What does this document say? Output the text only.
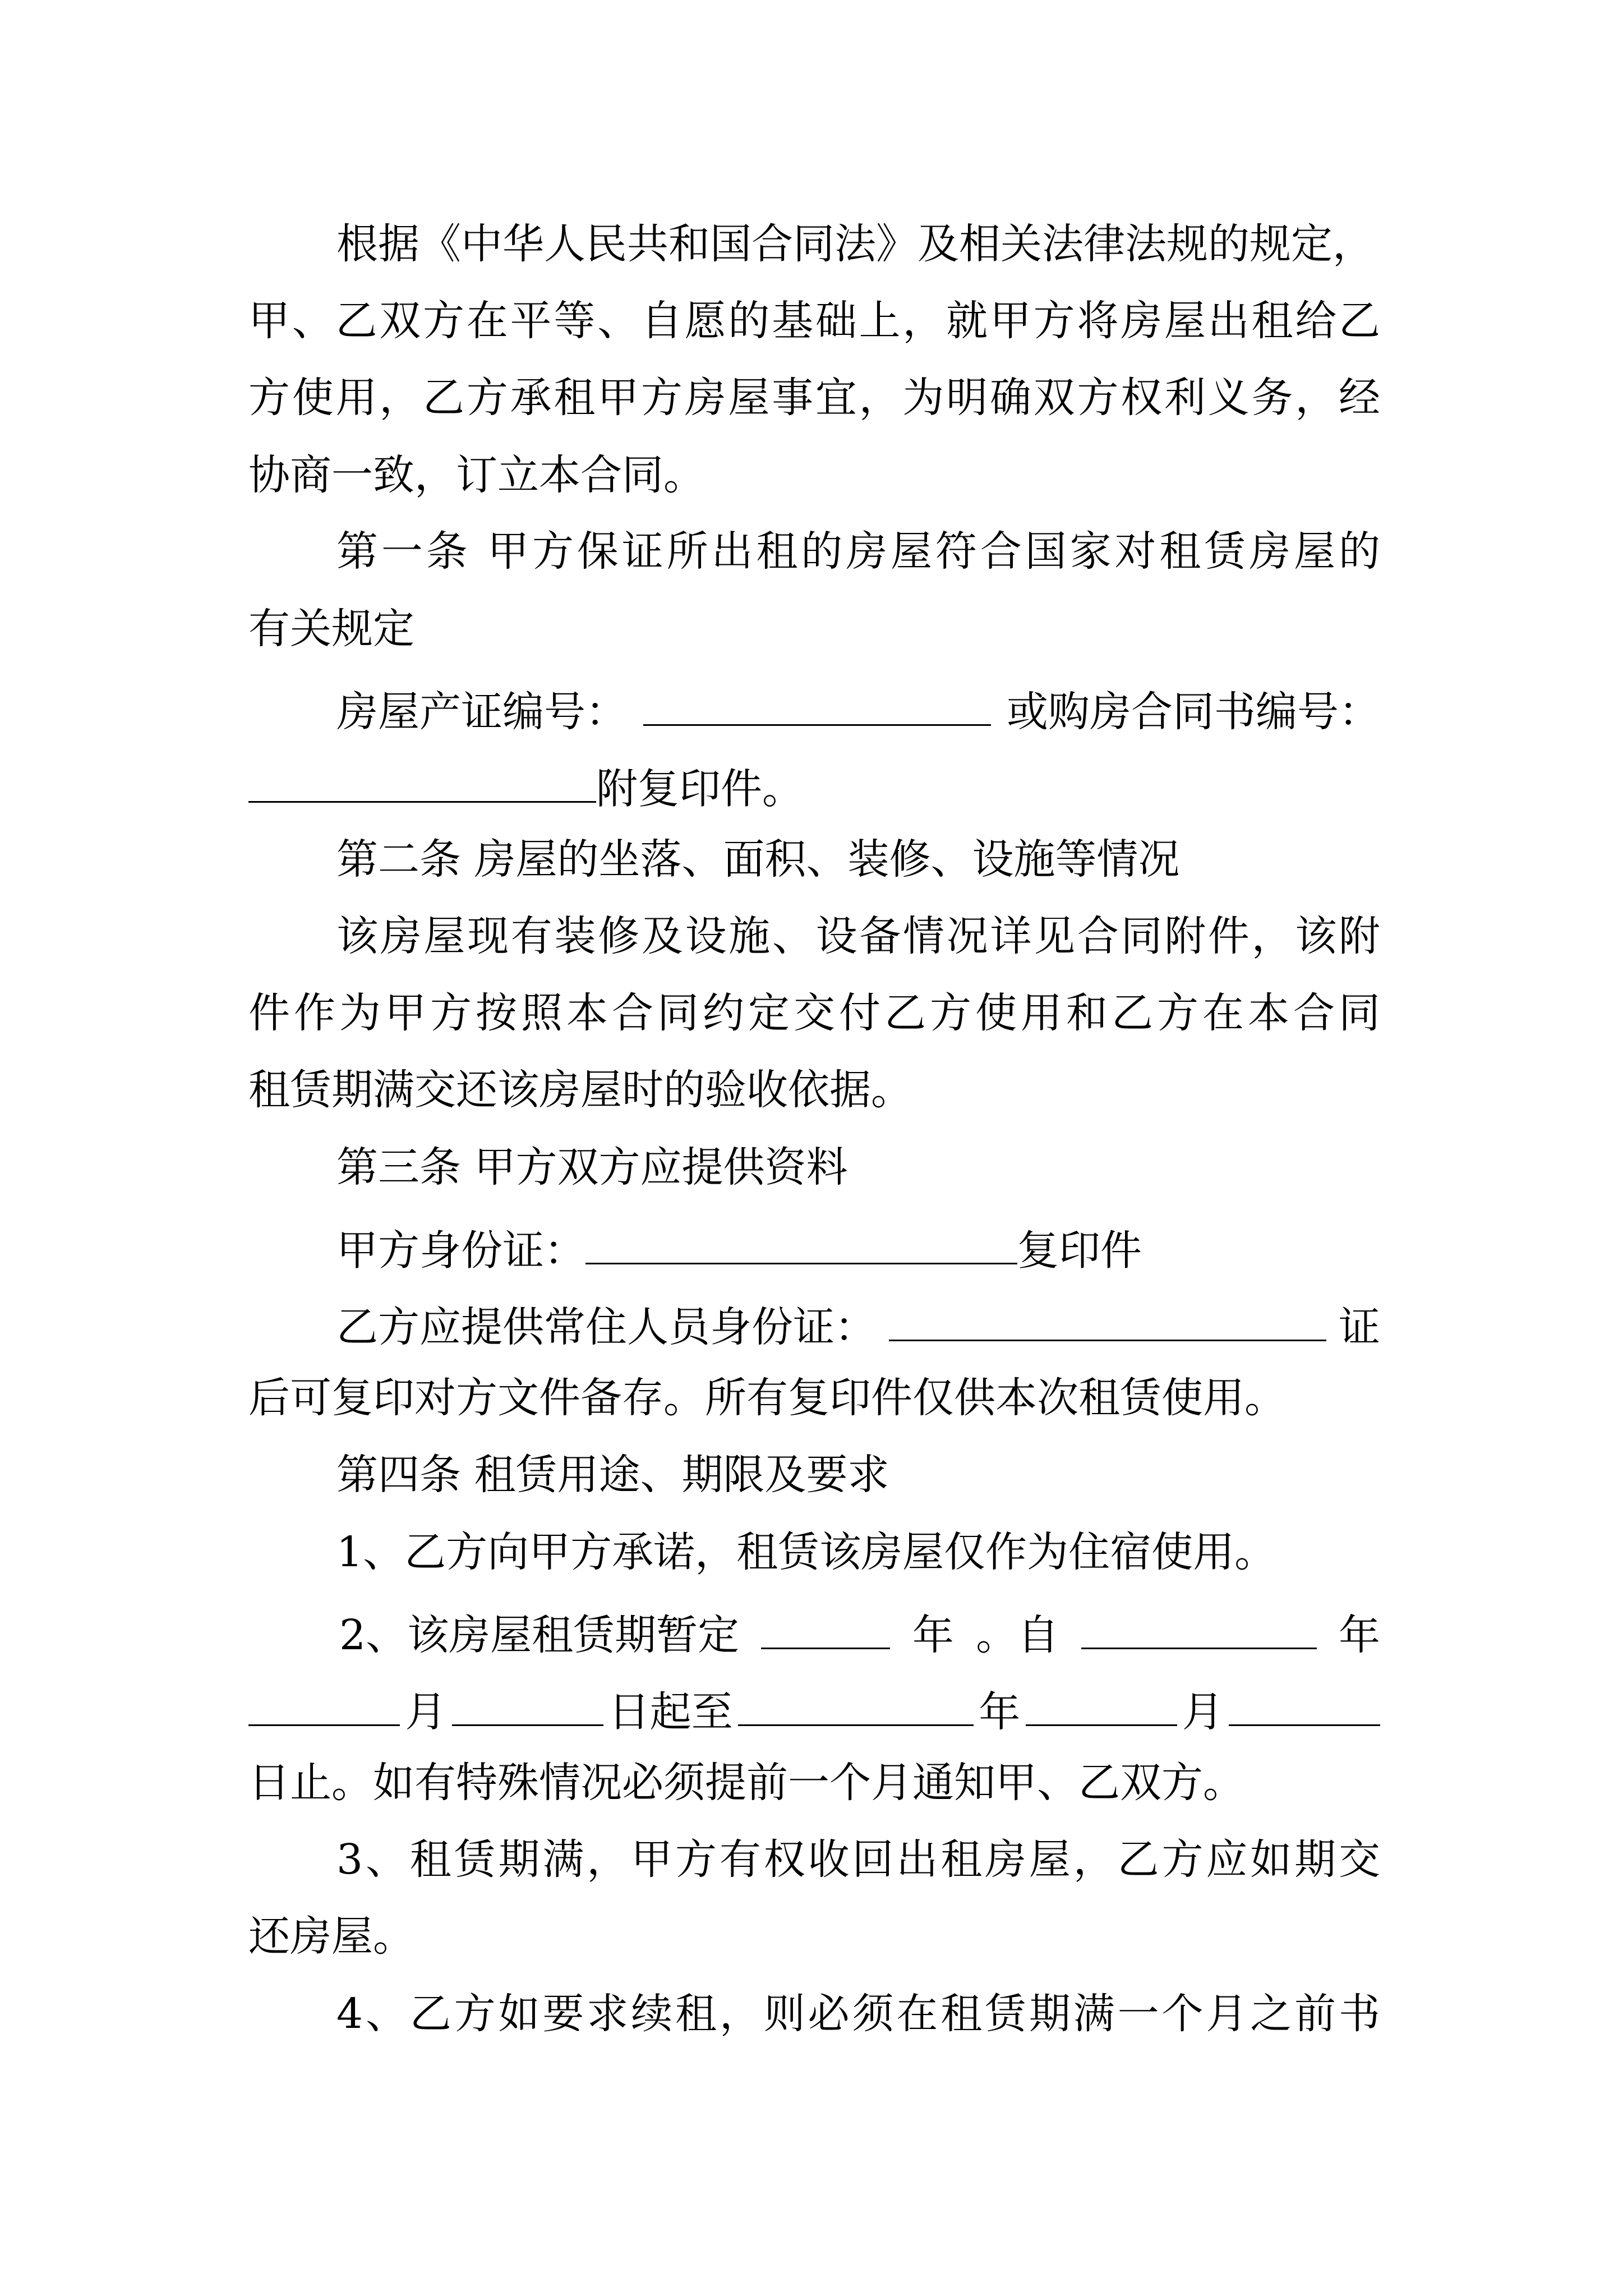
根据《中华人民共和国合同法》及相关法律法规的规定，
甲、乙双方在平等、自愿的基础上，就甲方将房屋出租给乙
方使用，乙方承租甲方房屋事宜，为明确双方权利义务，经
协商一致，订立本合同。
第一条 甲方保证所出租的房屋符合国家对租赁房屋的
有关规定
房屋产证编号：	或购房合同书编号：
附复印件。
第二条 房屋的坐落、面积、装修、设施等情况
该房屋现有装修及设施、设备情况详见合同附件，该附
件作为甲方按照本合同约定交付乙方使用和乙方在本合同
租赁期满交还该房屋时的验收依据。
第三条 甲方双方应提供资料
甲方身份证：	复印件
乙方应提供常住人员身份证：	证
后可复印对方文件备存。所有复印件仅供本次租赁使用。
第四条 租赁用途、期限及要求
1、乙方向甲方承诺，租赁该房屋仅作为住宿使用。
2、该房屋租赁期暂定	年 。自	年
月	日起至	年	月
日止。如有特殊情况必须提前一个月通知甲、乙双方。
3、租赁期满，甲方有权收回出租房屋，乙方应如期交
还房屋。
4、乙方如要求续租，则必须在租赁期满一个月之前书
